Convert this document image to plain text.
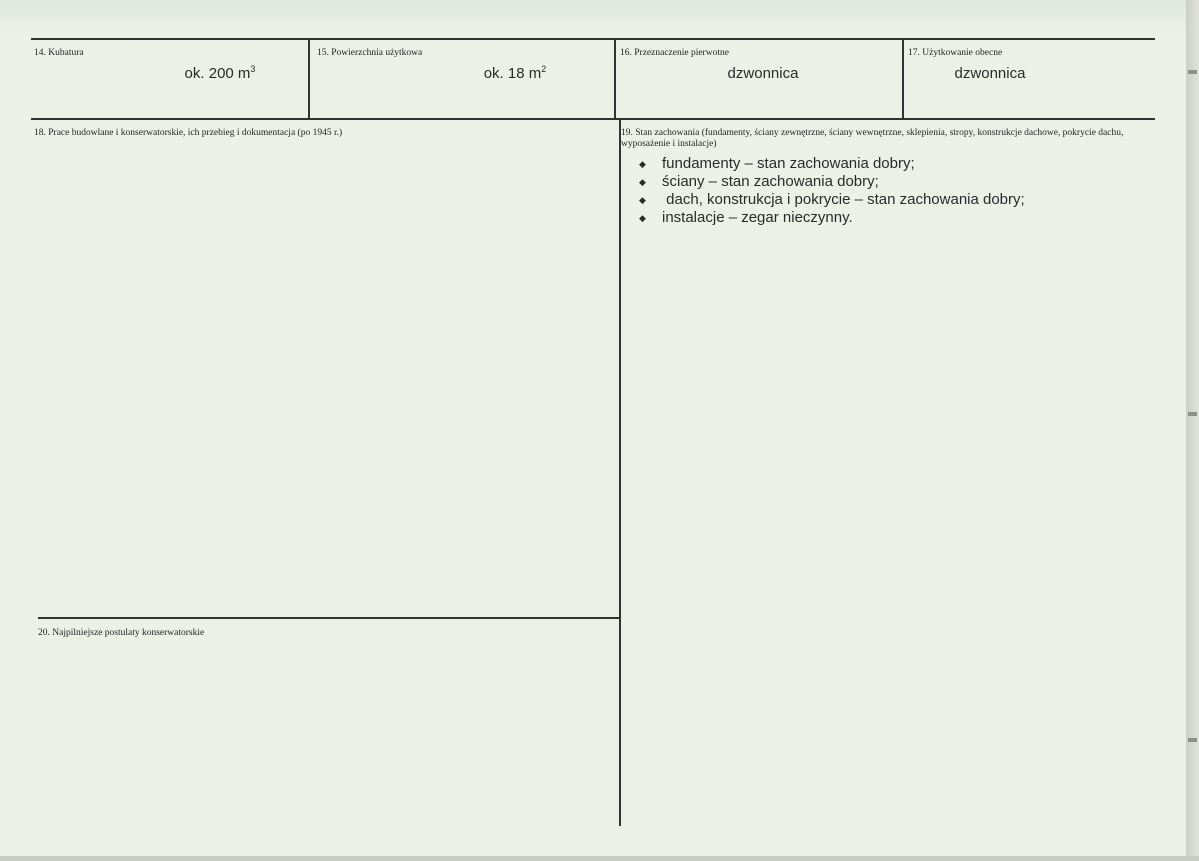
14. Kubatura
ok. 200 $m^3$
15. Powierzchnia użytkowa
ok. 18 $m^2$
16. Przeznaczenie pierwotne
dzwonnica
17. Użytkowanie obecne
dzwonnica
18. Prace budowlane i konserwatorskie, ich przebieg i dokumentacja (po 1945 r.)	19. Stan zachowania (fundamenty, ściany zewnętrzne, ściany wewnętrzne, sklepienia, stropy, konstrukcje dachowe, pokrycie dachu, wyposażenie i instalacje)
◆ fundamenty – stan zachowania dobry;
◆ ściany – stan zachowania dobry;
◆ dach, konstrukcja i pokrycie – stan zachowania dobry;
◆ instalacje – zegar nieczynny.
20. Najpilniejsze postulaty konserwatorskie
